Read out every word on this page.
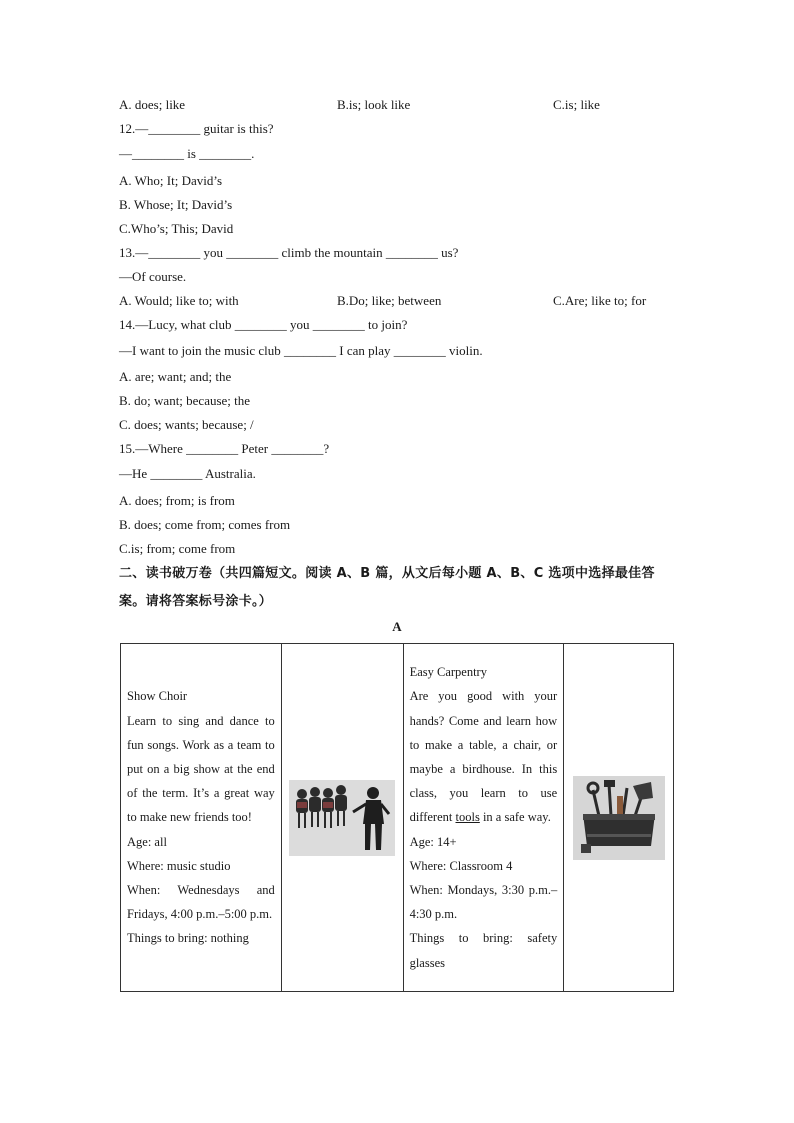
A. does; like	B.is; look like	C.is; like
12.—________ guitar is this?
—________ is ________.
A. Who; It; David’s
B. Whose; It; David’s
C.Who’s; This; David
13.—________ you ________ climb the mountain ________ us?
—Of course.
A. Would; like to; with	B.Do; like; between	C.Are; like to; for
14.—Lucy, what club ________ you ________ to join?
—I want to join the music club ________ I can play ________ violin.
A. are; want; and; the
B. do; want; because; the
C. does; wants; because; /
15.—Where ________ Peter ________?
—He ________ Australia.
A. does; from; is from
B. does; come from; comes from
C.is; from; come from
二、读书破万卷（共四篇短文。阅读 A、B 篇，从文后每小题 A、B、C 选项中选择最佳答
案。请将答案标号涂卡。）
A

Show Choir

Learn to sing and dance to fun songs. Work as a team to put on a big show at the end of the term. It’s a great way to make new friends too!

Age: all

Where: music studio

When: Wednesdays and Fridays, 4:00 p.m.–5:00 p.m.

Things to bring: nothing

Easy Carpentry

Are you good with your hands? Come and learn how to make a table, a chair, or maybe a birdhouse. In this class, you learn to use different tools in a safe way.

Age: 14+

Where: Classroom 4

When: Mondays, 3:30 p.m.–4:30 p.m.

Things to bring: safety glasses
